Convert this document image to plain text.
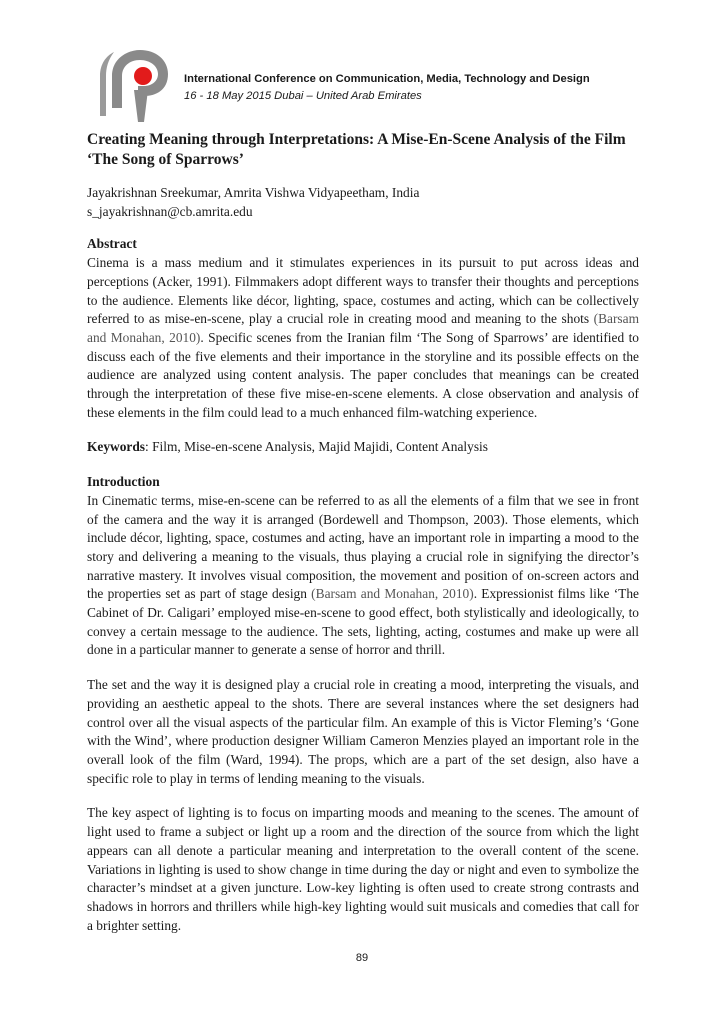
International Conference on Communication, Media, Technology and Design
16 - 18 May 2015 Dubai – United Arab Emirates
Creating Meaning through Interpretations: A Mise-En-Scene Analysis of the Film ‘The Song of Sparrows’

Jayakrishnan Sreekumar, Amrita Vishwa Vidyapeetham, India

s_jayakrishnan@cb.amrita.edu

Abstract

Cinema is a mass medium and it stimulates experiences in its pursuit to put across ideas and perceptions (Acker, 1991). Filmmakers adopt different ways to transfer their thoughts and perceptions to the audience. Elements like décor, lighting, space, costumes and acting, which can be collectively referred to as mise-en-scene, play a crucial role in creating mood and meaning to the shots (Barsam and Monahan, 2010). Specific scenes from the Iranian film ‘The Song of Sparrows’ are identified to discuss each of the five elements and their importance in the storyline and its possible effects on the audience are analyzed using content analysis. The paper concludes that meanings can be created through the interpretation of these five mise-en-scene elements. A close observation and analysis of these elements in the film could lead to a much enhanced film-watching experience.

Keywords: Film, Mise-en-scene Analysis, Majid Majidi, Content Analysis

Introduction

In Cinematic terms, mise-en-scene can be referred to as all the elements of a film that we see in front of the camera and the way it is arranged (Bordewell and Thompson, 2003). Those elements, which include décor, lighting, space, costumes and acting, have an important role in imparting a mood to the story and delivering a meaning to the visuals, thus playing a crucial role in signifying the director’s narrative mastery. It involves visual composition, the movement and position of on-screen actors and the properties set as part of stage design (Barsam and Monahan, 2010). Expressionist films like ‘The Cabinet of Dr. Caligari’ employed mise-en-scene to good effect, both stylistically and ideologically, to convey a certain message to the audience. The sets, lighting, acting, costumes and make up were all done in a particular manner to generate a sense of horror and thrill.

The set and the way it is designed play a crucial role in creating a mood, interpreting the visuals, and providing an aesthetic appeal to the shots. There are several instances where the set designers had control over all the visual aspects of the particular film. An example of this is Victor Fleming’s ‘Gone with the Wind’, where production designer William Cameron Menzies played an important role in the overall look of the film (Ward, 1994). The props, which are a part of the set design, also have a specific role to play in terms of lending meaning to the visuals.

The key aspect of lighting is to focus on imparting moods and meaning to the scenes. The amount of light used to frame a subject or light up a room and the direction of the source from which the light appears can all denote a particular meaning and interpretation to the overall content of the scene. Variations in lighting is used to show change in time during the day or night and even to symbolize the character’s mindset at a given juncture. Low-key lighting is often used to create strong contrasts and shadows in horrors and thrillers while high-key lighting would suit musicals and comedies that call for a brighter setting.

89
